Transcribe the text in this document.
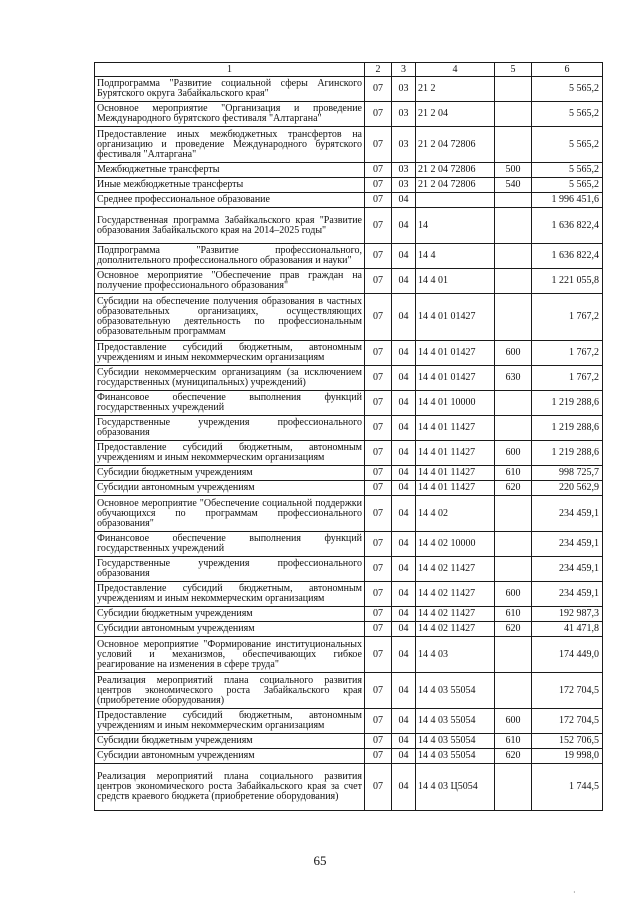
1	2	3	4	5	6
Подпрограмма "Развитие социальной сферы Агинского Бурятского округа Забайкальского края"	07	03	21 2		5 565,2
Основное мероприятие "Организация и проведение Международного бурятского фестиваля "Алтаргана"	07	03	21 2 04		5 565,2
Предоставление иных межбюджетных трансфертов на организацию и проведение Международного бурятского фестиваля "Алтаргана"	07	03	21 2 04 72806		5 565,2
Межбюджетные трансферты	07	03	21 2 04 72806	500	5 565,2
Иные межбюджетные трансферты	07	03	21 2 04 72806	540	5 565,2
Среднее профессиональное образование	07	04			1 996 451,6
Государственная программа Забайкальского края "Развитие образования Забайкальского края на 2014–2025 годы"	07	04	14		1 636 822,4
Подпрограмма "Развитие профессионального, дополнительного профессионального образования и науки"	07	04	14 4		1 636 822,4
Основное мероприятие "Обеспечение прав граждан на получение профессионального образования"	07	04	14 4 01		1 221 055,8
Субсидии на обеспечение получения образования в частных образовательных организациях, осуществляющих образовательную деятельность по профессиональным образовательным программам	07	04	14 4 01 01427		1 767,2
Предоставление субсидий бюджетным, автономным учреждениям и иным некоммерческим организациям	07	04	14 4 01 01427	600	1 767,2
Субсидии некоммерческим организациям (за исключением государственных (муниципальных) учреждений)	07	04	14 4 01 01427	630	1 767,2
Финансовое обеспечение выполнения функций государственных учреждений	07	04	14 4 01 10000		1 219 288,6
Государственные учреждения профессионального образования	07	04	14 4 01 11427		1 219 288,6
Предоставление субсидий бюджетным, автономным учреждениям и иным некоммерческим организациям	07	04	14 4 01 11427	600	1 219 288,6
Субсидии бюджетным учреждениям	07	04	14 4 01 11427	610	998 725,7
Субсидии автономным учреждениям	07	04	14 4 01 11427	620	220 562,9
Основное мероприятие "Обеспечение социальной поддержки обучающихся по программам профессионального образования"	07	04	14 4 02		234 459,1
Финансовое обеспечение выполнения функций государственных учреждений	07	04	14 4 02 10000		234 459,1
Государственные учреждения профессионального образования	07	04	14 4 02 11427		234 459,1
Предоставление субсидий бюджетным, автономным учреждениям и иным некоммерческим организациям	07	04	14 4 02 11427	600	234 459,1
Субсидии бюджетным учреждениям	07	04	14 4 02 11427	610	192 987,3
Субсидии автономным учреждениям	07	04	14 4 02 11427	620	41 471,8
Основное мероприятие "Формирование институциональных условий и механизмов, обеспечивающих гибкое реагирование на изменения в сфере труда"	07	04	14 4 03		174 449,0
Реализация мероприятий плана социального развития центров экономического роста Забайкальского края (приобретение оборудования)	07	04	14 4 03 55054		172 704,5
Предоставление субсидий бюджетным, автономным учреждениям и иным некоммерческим организациям	07	04	14 4 03 55054	600	172 704,5
Субсидии бюджетным учреждениям	07	04	14 4 03 55054	610	152 706,5
Субсидии автономным учреждениям	07	04	14 4 03 55054	620	19 998,0
Реализация мероприятий плана социального развития центров экономического роста Забайкальского края за счет средств краевого бюджета (приобретение оборудования)	07	04	14 4 03 Ц5054		1 744,5
65
·
